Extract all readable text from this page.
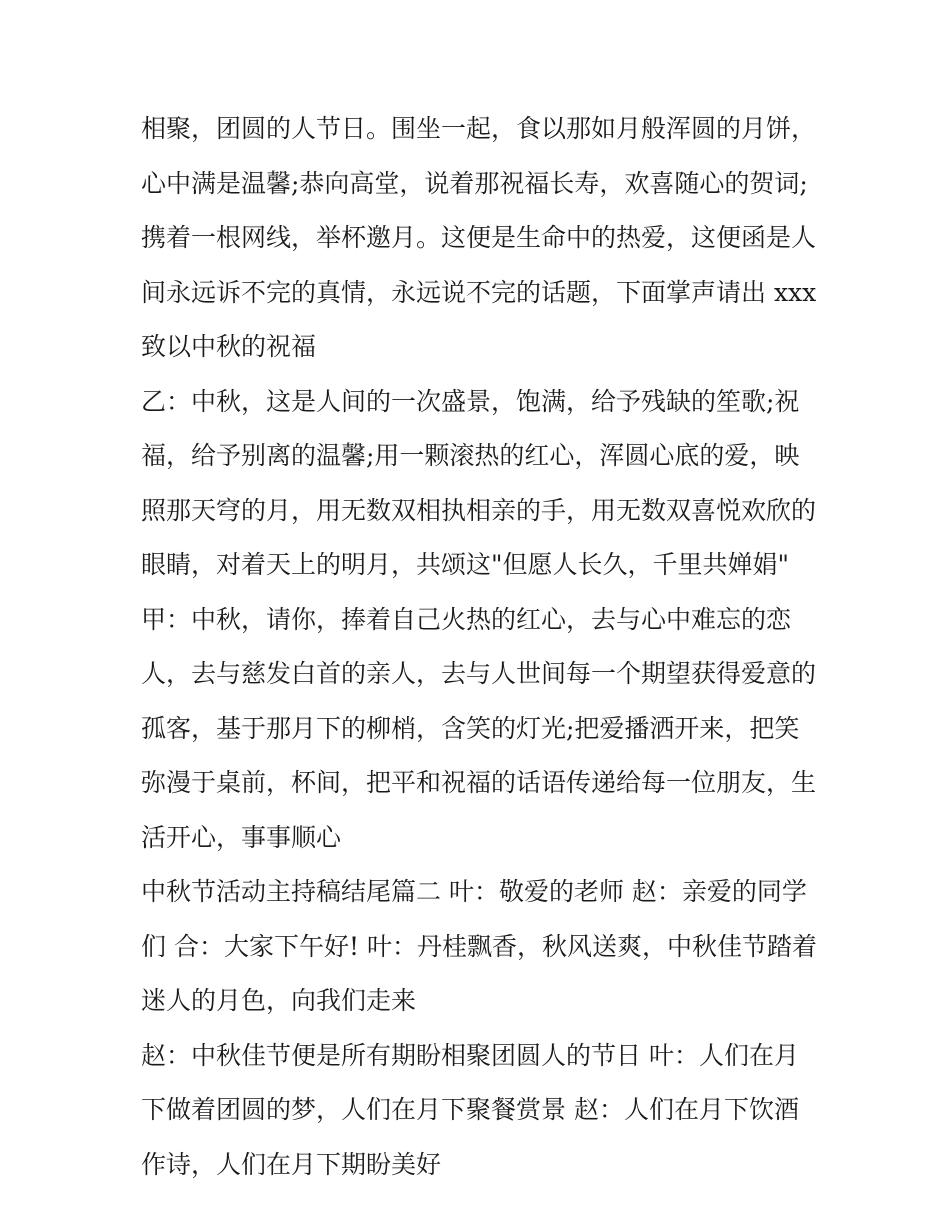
相聚，团圆的人节日。围坐一起，食以那如月般浑圆的月饼，
心中满是温馨;恭向高堂，说着那祝福长寿，欢喜随心的贺词;
携着一根网线，举杯邀月。这便是生命中的热爱，这便函是人
间永远诉不完的真情，永远说不完的话题，下面掌声请出 xxx
致以中秋的祝福
乙：中秋，这是人间的一次盛景，饱满，给予残缺的笙歌;祝
福，给予别离的温馨;用一颗滚热的红心，浑圆心底的爱，映
照那天穹的月，用无数双相执相亲的手，用无数双喜悦欢欣的
眼睛，对着天上的明月，共颂这"但愿人长久，千里共婵娟"
甲：中秋，请你，捧着自己火热的红心，去与心中难忘的恋
人，去与慈发白首的亲人，去与人世间每一个期望获得爱意的
孤客，基于那月下的柳梢，含笑的灯光;把爱播洒开来，把笑
弥漫于桌前，杯间，把平和祝福的话语传递给每一位朋友，生
活开心，事事顺心
中秋节活动主持稿结尾篇二 叶：敬爱的老师 赵：亲爱的同学
们 合：大家下午好! 叶：丹桂飘香，秋风送爽，中秋佳节踏着
迷人的月色，向我们走来
赵：中秋佳节便是所有期盼相聚团圆人的节日 叶：人们在月
下做着团圆的梦，人们在月下聚餐赏景 赵：人们在月下饮酒
作诗，人们在月下期盼美好
